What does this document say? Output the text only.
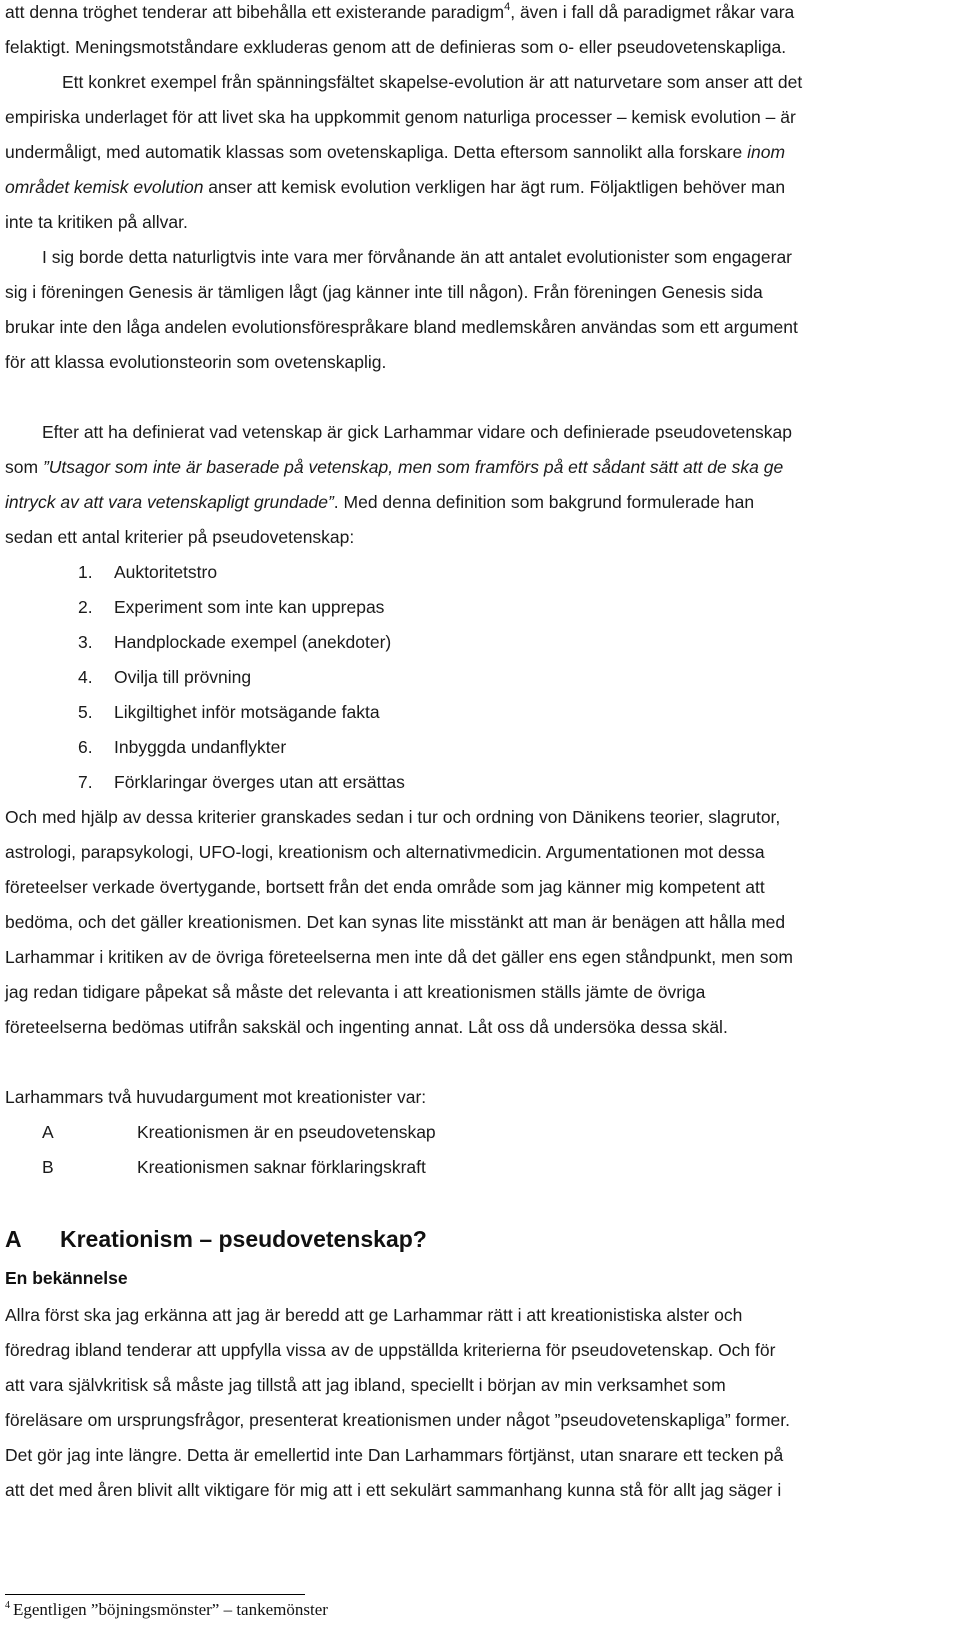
att denna tröghet tenderar att bibehålla ett existerande paradigm$^4$, även i fall då paradigmet råkar vara
felaktigt. Meningsmotståndare exkluderas genom att de definieras som o- eller pseudovetenskapliga.
Ett konkret exempel från spänningsfältet skapelse-evolution är att naturvetare som anser att det
empiriska underlaget för att livet ska ha uppkommit genom naturliga processer – kemisk evolution – är
undermåligt, med automatik klassas som ovetenskapliga. Detta eftersom sannolikt alla forskare inom
området kemisk evolution anser att kemisk evolution verkligen har ägt rum. Följaktligen behöver man
inte ta kritiken på allvar.
I sig borde detta naturligtvis inte vara mer förvånande än att antalet evolutionister som engagerar
sig i föreningen Genesis är tämligen lågt (jag känner inte till någon). Från föreningen Genesis sida
brukar inte den låga andelen evolutionsförespråkare bland medlemskåren användas som ett argument
för att klassa evolutionsteorin som ovetenskaplig.
Efter att ha definierat vad vetenskap är gick Larhammar vidare och definierade pseudovetenskap
som ”Utsagor som inte är baserade på vetenskap, men som framförs på ett sådant sätt att de ska ge
intryck av att vara vetenskapligt grundade”. Med denna definition som bakgrund formulerade han
sedan ett antal kriterier på pseudovetenskap:
1. Auktoritetstro
2. Experiment som inte kan upprepas
3. Handplockade exempel (anekdoter)
4. Ovilja till prövning
5. Likgiltighet inför motsägande fakta
6. Inbyggda undanflykter
7. Förklaringar överges utan att ersättas
Och med hjälp av dessa kriterier granskades sedan i tur och ordning von Dänikens teorier, slagrutor,
astrologi, parapsykologi, UFO-logi, kreationism och alternativmedicin. Argumentationen mot dessa
företeelser verkade övertygande, bortsett från det enda område som jag känner mig kompetent att
bedöma, och det gäller kreationismen. Det kan synas lite misstänkt att man är benägen att hålla med
Larhammar i kritiken av de övriga företeelserna men inte då det gäller ens egen ståndpunkt, men som
jag redan tidigare påpekat så måste det relevanta i att kreationismen ställs jämte de övriga
företeelserna bedömas utifrån sakskäl och ingenting annat. Låt oss då undersöka dessa skäl.
Larhammars två huvudargument mot kreationister var:
A	Kreationismen är en pseudovetenskap
B	Kreationismen saknar förklaringskraft
A Kreationism – pseudovetenskap?
En bekännelse
Allra först ska jag erkänna att jag är beredd att ge Larhammar rätt i att kreationistiska alster och
föredrag ibland tenderar att uppfylla vissa av de uppställda kriterierna för pseudovetenskap. Och för
att vara självkritisk så måste jag tillstå att jag ibland, speciellt i början av min verksamhet som
föreläsare om ursprungsfrågor, presenterat kreationismen under något ”pseudovetenskapliga” former.
Det gör jag inte längre. Detta är emellertid inte Dan Larhammars förtjänst, utan snarare ett tecken på
att det med åren blivit allt viktigare för mig att i ett sekulärt sammanhang kunna stå för allt jag säger i
$^4$ Egentligen ”böjningsmönster” – tankemönster
